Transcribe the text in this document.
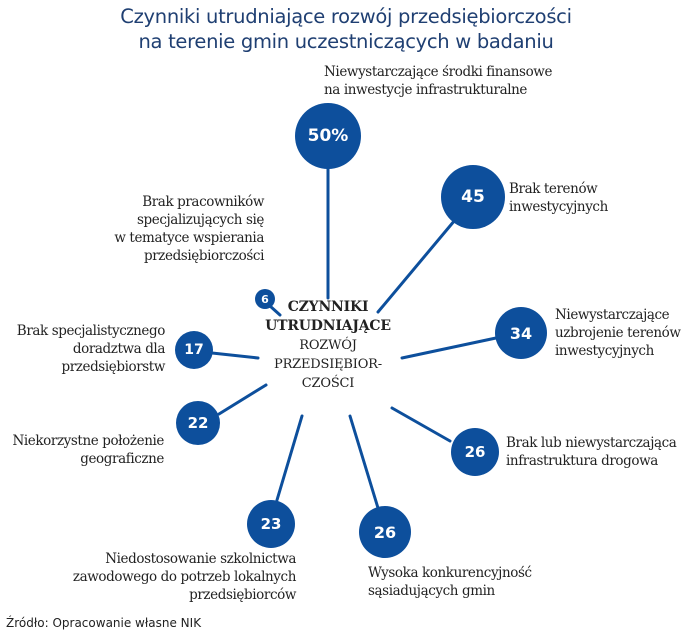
Czynniki utrudniające rozwój przedsiębiorczości
na terenie gmin uczestniczących w badaniu
50%
Niewystarczające środki finansowe
na inwestycje infrastrukturalne
45 Brak terenów
inwestycyjnych
34
Niewystarczające
uzbrojenie terenów
inwestycyjnych
26 Brak lub niewystarczająca
infrastruktura drogowa
26
Wysoka konkurencyjność
sąsiadujących gmin
23
Niedostosowanie szkolnictwa
zawodowego do potrzeb lokalnych
przedsiębiorców
22
Niekorzystne położenie
geograficzne
17
Brak specjalistycznego
doradztwa dla
przedsiębiorstw
6
Brak pracowników
specjalizujących się
w tematyce wspierania
przedsiębiorczości
CZYNNIKI
UTRUDNIAJĄCE
ROZWÓJ
PRZEDSIĘBIOR-
CZOŚCI
Źródło: Opracowanie własne NIK
